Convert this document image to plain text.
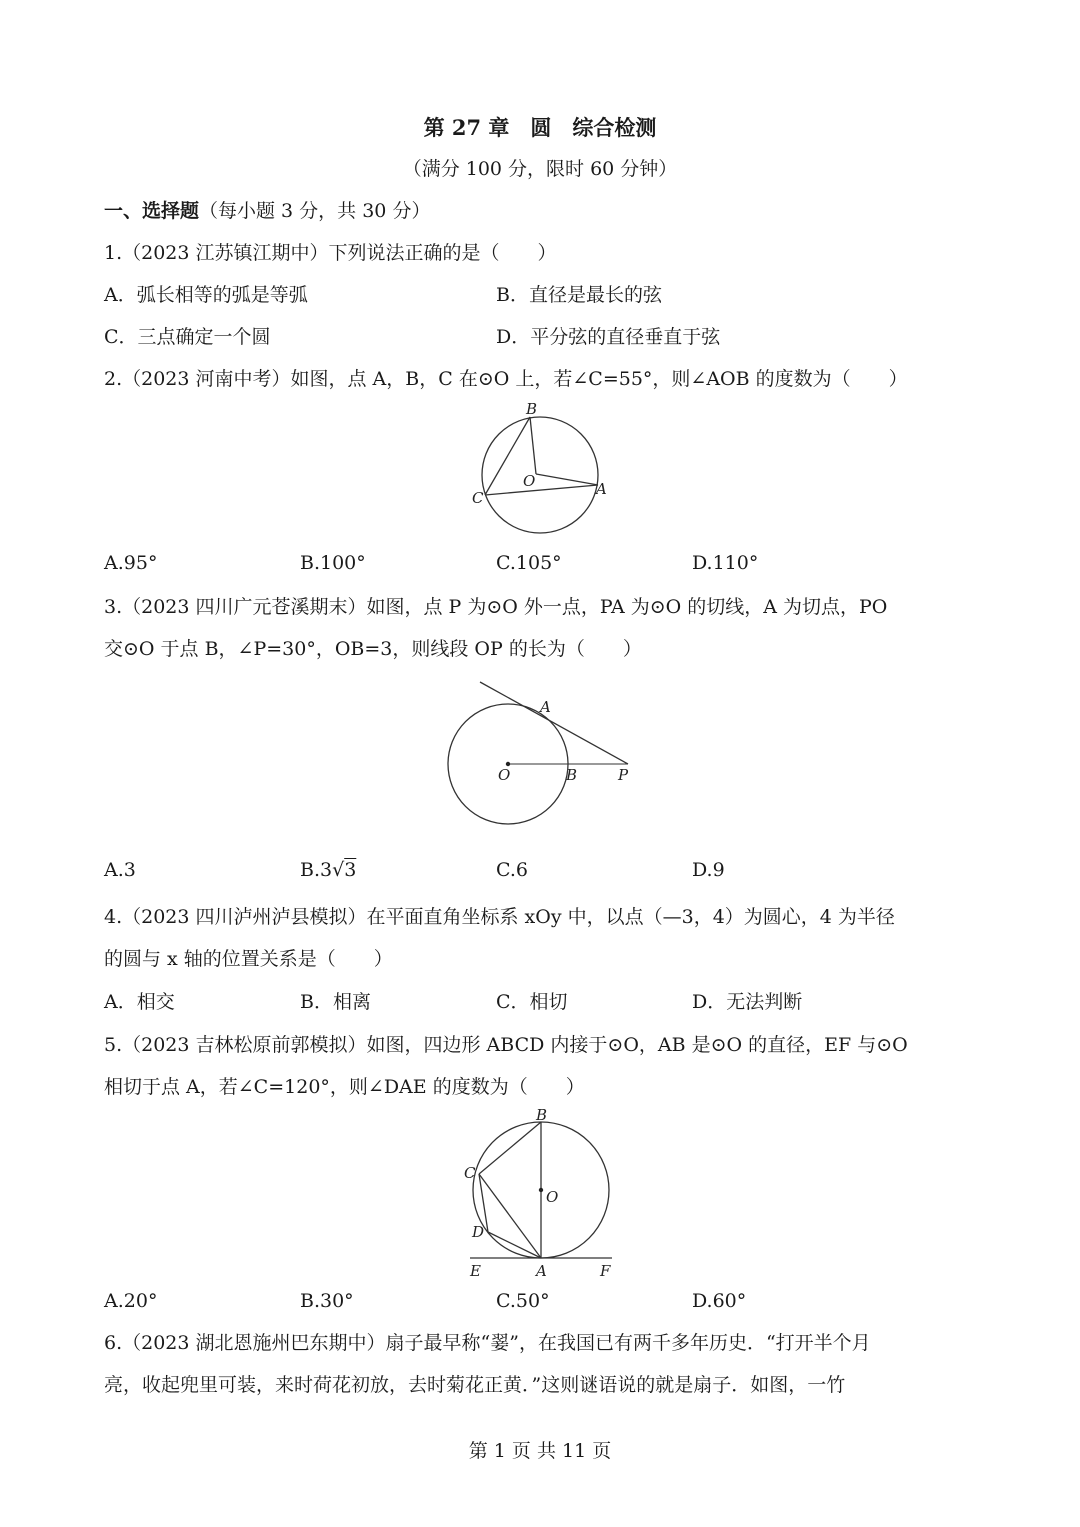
第 27 章　圆　综合检测
（满分 100 分，限时 60 分钟）
一、选择题（每小题 3 分，共 30 分）
1.（2023 江苏镇江期中）下列说法正确的是（　　）
A．弧长相等的弧是等弧	B．直径是最长的弦
C．三点确定一个圆	D．平分弦的直径垂直于弦
2.（2023 河南中考）如图，点 A，B，C 在⊙O 上，若∠C=55°，则∠AOB 的度数为（　　）
B
O
C	A
A.95°	B.100°	C.105°	D.110°
3.（2023 四川广元苍溪期末）如图，点 P 为⊙O 外一点，PA 为⊙O 的切线，A 为切点，PO
交⊙O 于点 B，∠P=30°，OB=3，则线段 OP 的长为（　　）
A
O	B	P
A.3	B.3√3	C.6	D.9
4.（2023 四川泸州泸县模拟）在平面直角坐标系 xOy 中，以点（—3，4）为圆心，4 为半径
的圆与 x 轴的位置关系是（　　）
A．相交	B．相离	C．相切	D．无法判断
5.（2023 吉林松原前郭模拟）如图，四边形 ABCD 内接于⊙O，AB 是⊙O 的直径，EF 与⊙O
相切于点 A，若∠C=120°，则∠DAE 的度数为（　　）
B
C
O
D
E	A	F
A.20°	B.30°	C.50°	D.60°
6.（2023 湖北恩施州巴东期中）扇子最早称“翣”，在我国已有两千多年历史．“打开半个月
亮，收起兜里可装，来时荷花初放，去时菊花正黄．”这则谜语说的就是扇子．如图，一竹
第 1 页 共 11 页
